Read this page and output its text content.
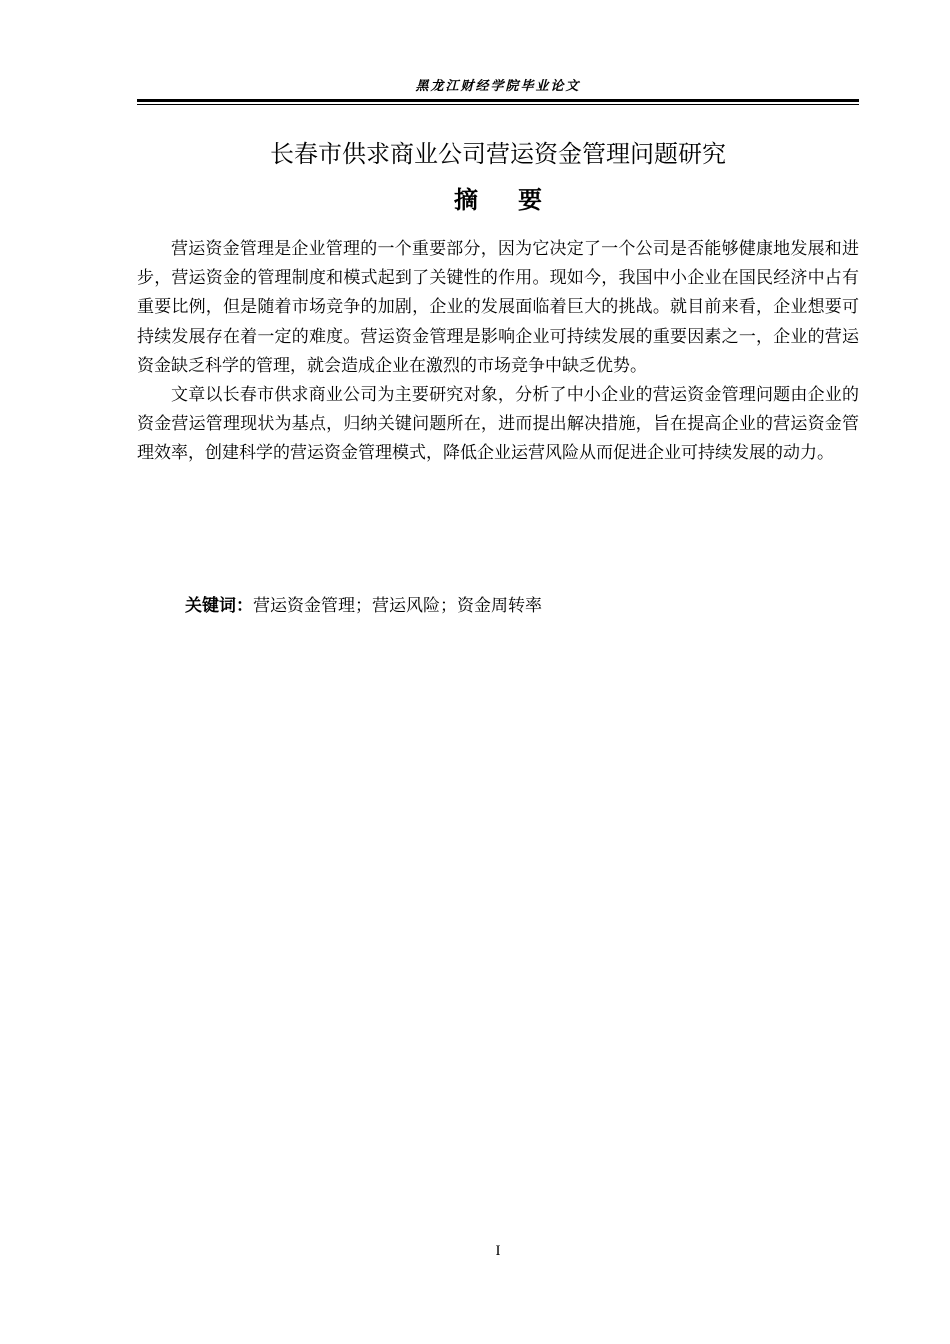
黑龙江财经学院毕业论文
长春市供求商业公司营运资金管理问题研究
摘要

营运资金管理是企业管理的一个重要部分，因为它决定了一个公司是否能够健康地发展和进步，营运资金的管理制度和模式起到了关键性的作用。现如今，我国中小企业在国民经济中占有重要比例，但是随着市场竞争的加剧，企业的发展面临着巨大的挑战。就目前来看，企业想要可持续发展存在着一定的难度。营运资金管理是影响企业可持续发展的重要因素之一，企业的营运资金缺乏科学的管理，就会造成企业在激烈的市场竞争中缺乏优势。

文章以长春市供求商业公司为主要研究对象，分析了中小企业的营运资金管理问题由企业的资金营运管理现状为基点，归纳关键问题所在，进而提出解决措施，旨在提高企业的营运资金管理效率，创建科学的营运资金管理模式，降低企业运营风险从而促进企业可持续发展的动力。

关键词：营运资金管理；营运风险；资金周转率
I
